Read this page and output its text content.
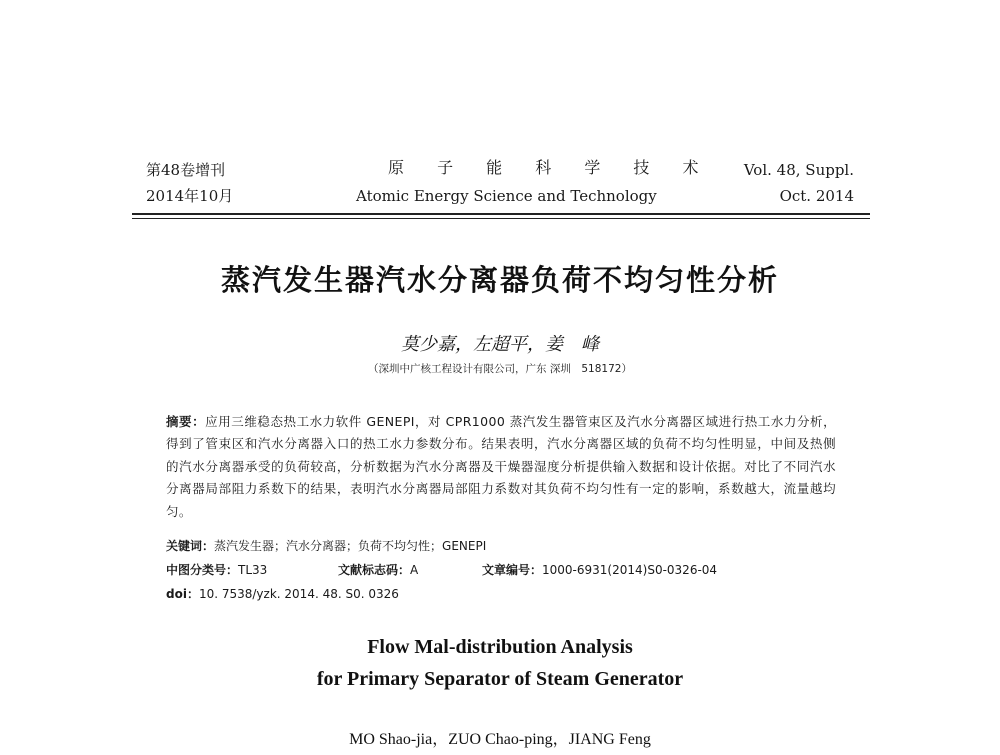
第48卷增刊
2014年10月
原 子 能 科 学 技 术
Atomic Energy Science and Technology
Vol. 48, Suppl.
Oct. 2014
蒸汽发生器汽水分离器负荷不均匀性分析
莫少嘉，左超平，姜　峰
（深圳中广核工程设计有限公司，广东 深圳　518172）
摘要：应用三维稳态热工水力软件 GENEPI，对 CPR1000 蒸汽发生器管束区及汽水分离器区域进行热工水力分析，得到了管束区和汽水分离器入口的热工水力参数分布。结果表明，汽水分离器区域的负荷不均匀性明显，中间及热侧的汽水分离器承受的负荷较高，分析数据为汽水分离器及干燥器湿度分析提供输入数据和设计依据。对比了不同汽水分离器局部阻力系数下的结果，表明汽水分离器局部阻力系数对其负荷不均匀性有一定的影响，系数越大，流量越均匀。
关键词：蒸汽发生器；汽水分离器；负荷不均匀性；GENEPI
中图分类号：TL33	文献标志码：A	文章编号：1000-6931(2014)S0-0326-04
doi：10. 7538/yzk. 2014. 48. S0. 0326
Flow Mal-distribution Analysis
for Primary Separator of Steam Generator
MO Shao-jia，ZUO Chao-ping，JIANG Feng
